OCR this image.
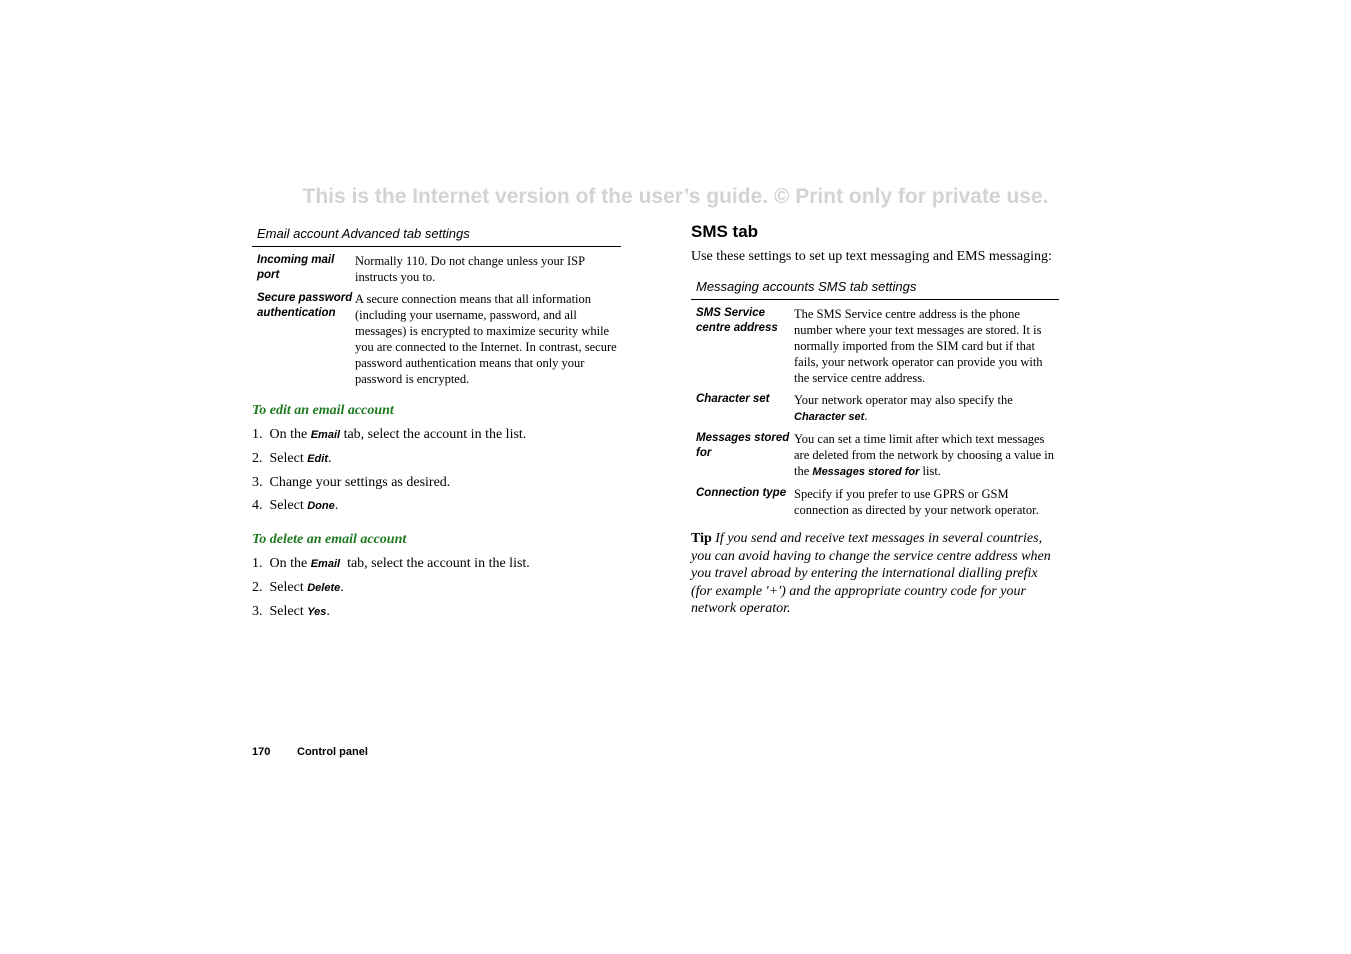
This is the Internet version of the user’s guide. © Print only for private use.
Email account Advanced tab settings
Incoming mail port	Normally 110. Do not change unless your ISP instructs you to.
Secure password authentication	A secure connection means that all information (including your username, password, and all messages) is encrypted to maximize security while you are connected to the Internet. In contrast, secure password authentication means that only your password is encrypted.
To edit an email account
1. On the Email tab, select the account in the list.
2. Select Edit.
3. Change your settings as desired.
4. Select Done.
To delete an email account
1. On the Email  tab, select the account in the list.
2. Select Delete.
3. Select Yes.
SMS tab

Use these settings to set up text messaging and EMS messaging:

Messaging accounts SMS tab settings
SMS Service centre address	The SMS Service centre address is the phone number where your text messages are stored. It is normally imported from the SIM card but if that fails, your network operator can provide you with the service centre address.
Character set	Your network operator may also specify the Character set.
Messages stored for	You can set a time limit after which text messages are deleted from the network by choosing a value in the Messages stored for list.
Connection type	Specify if you prefer to use GPRS or GSM connection as directed by your network operator.
Tip If you send and receive text messages in several countries, you can avoid having to change the service centre address when you travel abroad by entering the international dialling prefix (for example '+') and the appropriate country code for your network operator.
170 Control panel
